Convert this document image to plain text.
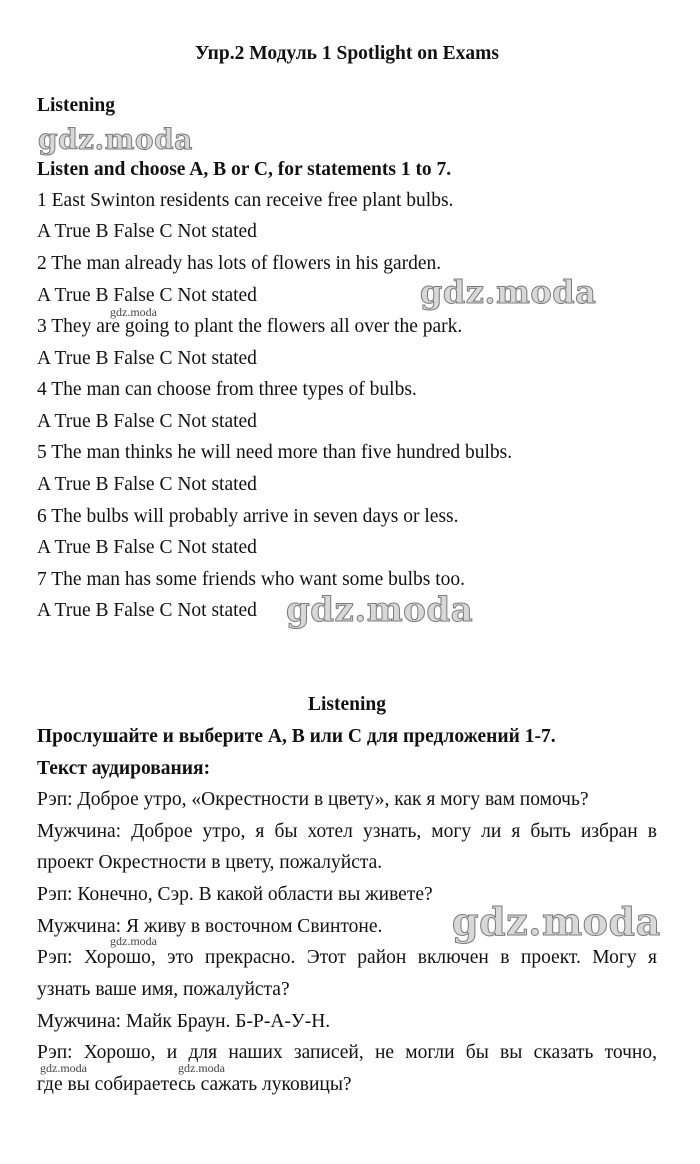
Упр.2 Модуль 1 Spotlight on Exams
Listening
Listen and choose A, B or C, for statements 1 to 7.
1 East Swinton residents can receive free plant bulbs.
A True B False C Not stated
2 The man already has lots of flowers in his garden.
A True B False C Not stated
3 They are going to plant the flowers all over the park.
A True B False C Not stated
4 The man can choose from three types of bulbs.
A True B False C Not stated
5 The man thinks he will need more than five hundred bulbs.
A True B False C Not stated
6 The bulbs will probably arrive in seven days or less.
A True B False C Not stated
7 The man has some friends who want some bulbs too.
A True B False C Not stated
Listening
Прослушайте и выберите А, В или С для предложений 1-7.
Текст аудирования:
Рэп: Доброе утро, «Окрестности в цвету», как я могу вам помочь?
Мужчина: Доброе утро, я бы хотел узнать, могу ли я быть избран в
проект Окрестности в цвету, пожалуйста.
Рэп: Конечно, Сэр. В какой области вы живете?
Мужчина: Я живу в восточном Свинтоне.
Рэп: Хорошо, это прекрасно. Этот район включен в проект. Могу я
узнать ваше имя, пожалуйста?
Мужчина: Майк Браун. Б-Р-А-У-Н.
Рэп: Хорошо, и для наших записей, не могли бы вы сказать точно,
где вы собираетесь сажать луковицы?
gdz.moda
gdz.moda
gdz.moda
gdz.moda
gdz.moda
gdz.moda
gdz.moda	gdz.moda
